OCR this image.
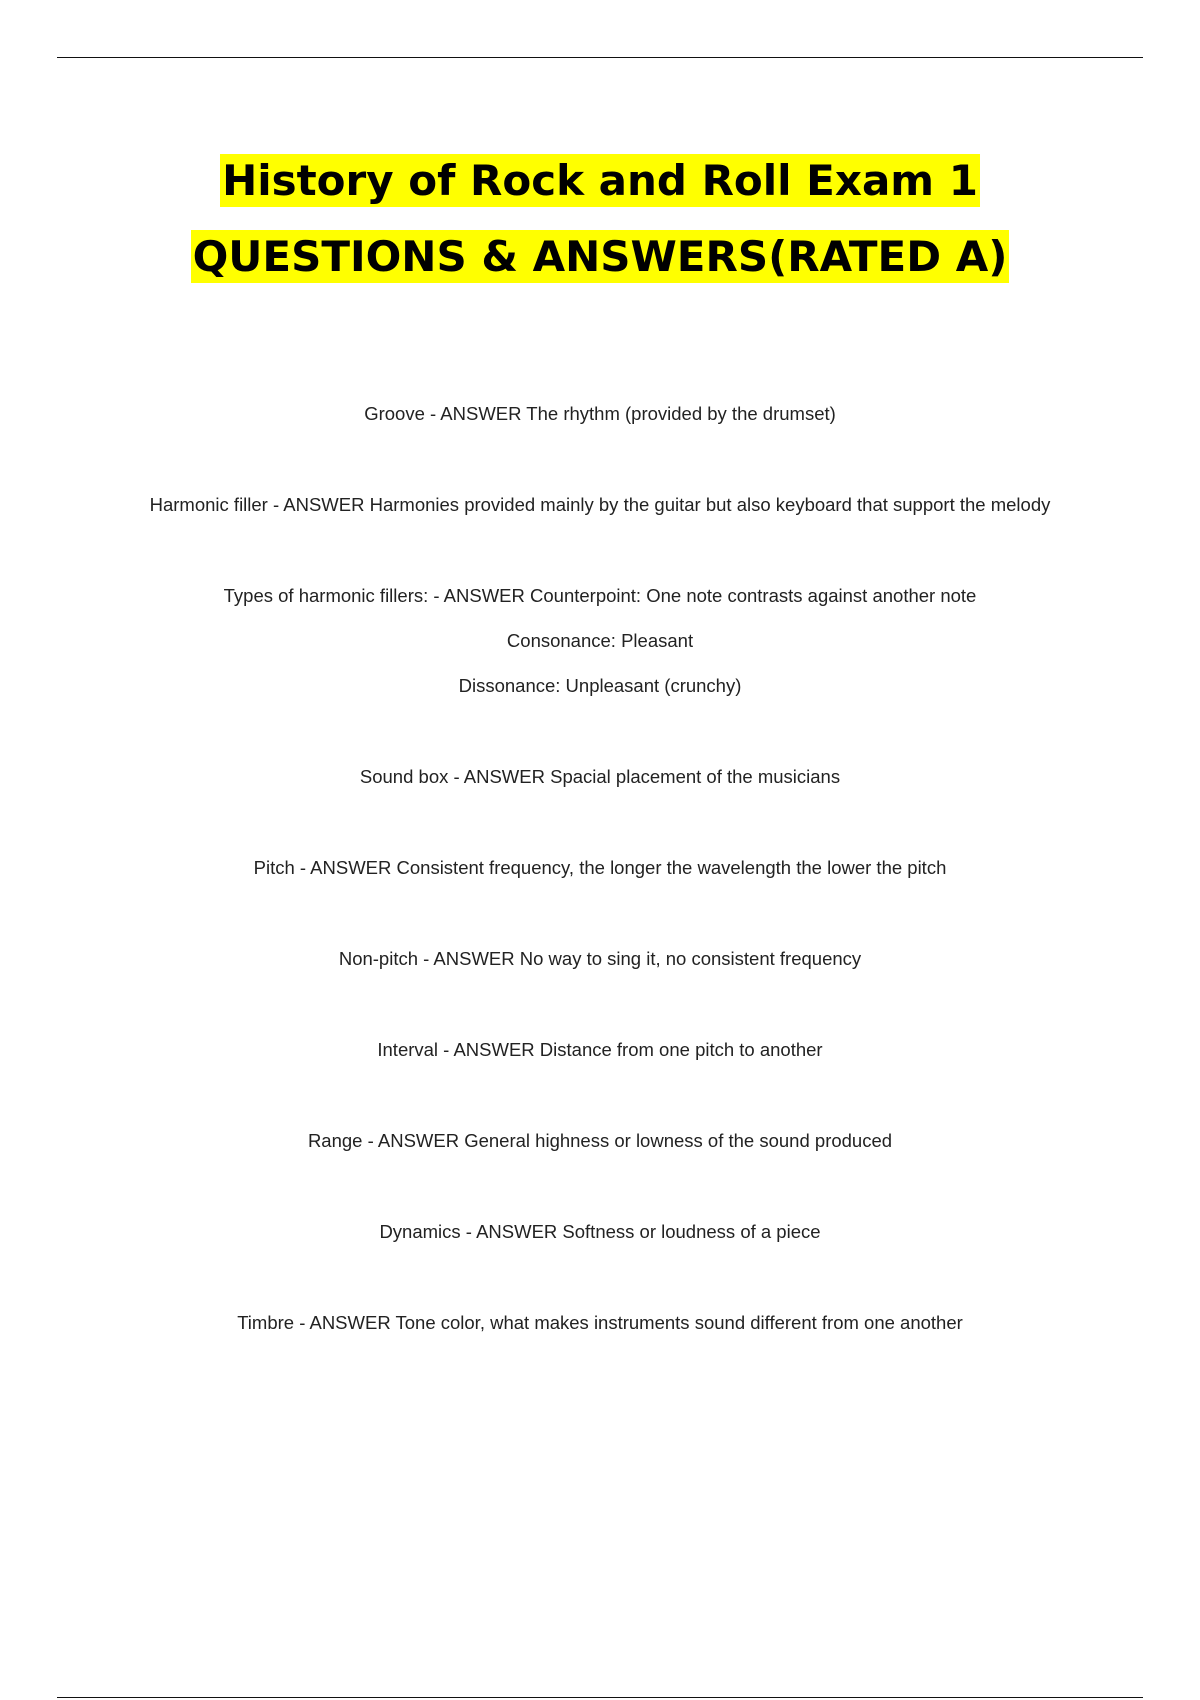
History of Rock and Roll Exam 1
QUESTIONS & ANSWERS(RATED A)

Groove - ANSWER The rhythm (provided by the drumset)

Harmonic filler - ANSWER Harmonies provided mainly by the guitar but also keyboard that support the melody

Types of harmonic fillers: - ANSWER Counterpoint: One note contrasts against another note

Consonance: Pleasant

Dissonance: Unpleasant (crunchy)

Sound box - ANSWER Spacial placement of the musicians

Pitch - ANSWER Consistent frequency, the longer the wavelength the lower the pitch

Non-pitch - ANSWER No way to sing it, no consistent frequency

Interval - ANSWER Distance from one pitch to another

Range - ANSWER General highness or lowness of the sound produced

Dynamics - ANSWER Softness or loudness of a piece

Timbre - ANSWER Tone color, what makes instruments sound different from one another
